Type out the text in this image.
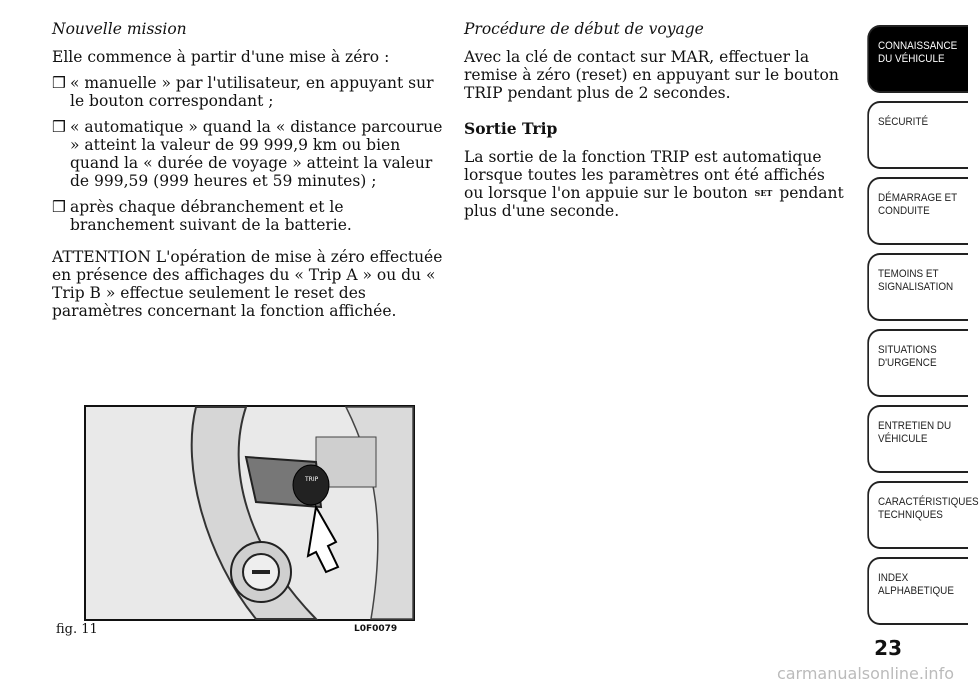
Nouvelle mission
Elle commence à partir d'une mise à zéro :
❒ « manuelle » par l'utilisateur, en appuyant sur le bouton correspondant ;
❒ « automatique » quand la « distance parcourue » atteint la valeur de 99 999,9 km ou bien quand la « durée de voyage » atteint la valeur de 999,59 (999 heures et 59 minutes) ;
❒ après chaque débranchement et le branchement suivant de la batterie.
ATTENTION L'opération de mise à zéro effectuée en présence des affichages du « Trip A » ou du « Trip B » effectue seulement le reset des paramètres concernant la fonction affichée.
Procédure de début de voyage
Avec la clé de contact sur MAR, effectuer la remise à zéro (reset) en appuyant sur le bouton TRIP pendant plus de 2 secondes.
Sortie Trip
La sortie de la fonction TRIP est automatique lorsque toutes les paramètres ont été affichés ou lorsque l'on appuie sur le bouton SET pendant plus d'une seconde.
TRIP
fig. 11	L0F0079
CONNAISSANCE DU VÉHICULE
SÉCURITÉ
DÉMARRAGE ET CONDUITE
TEMOINS ET SIGNALISATION
SITUATIONS D'URGENCE
ENTRETIEN DU VÉHICULE
CARACTÉRISTIQUES TECHNIQUES
INDEX ALPHABETIQUE
23
carmanualsonline.info
